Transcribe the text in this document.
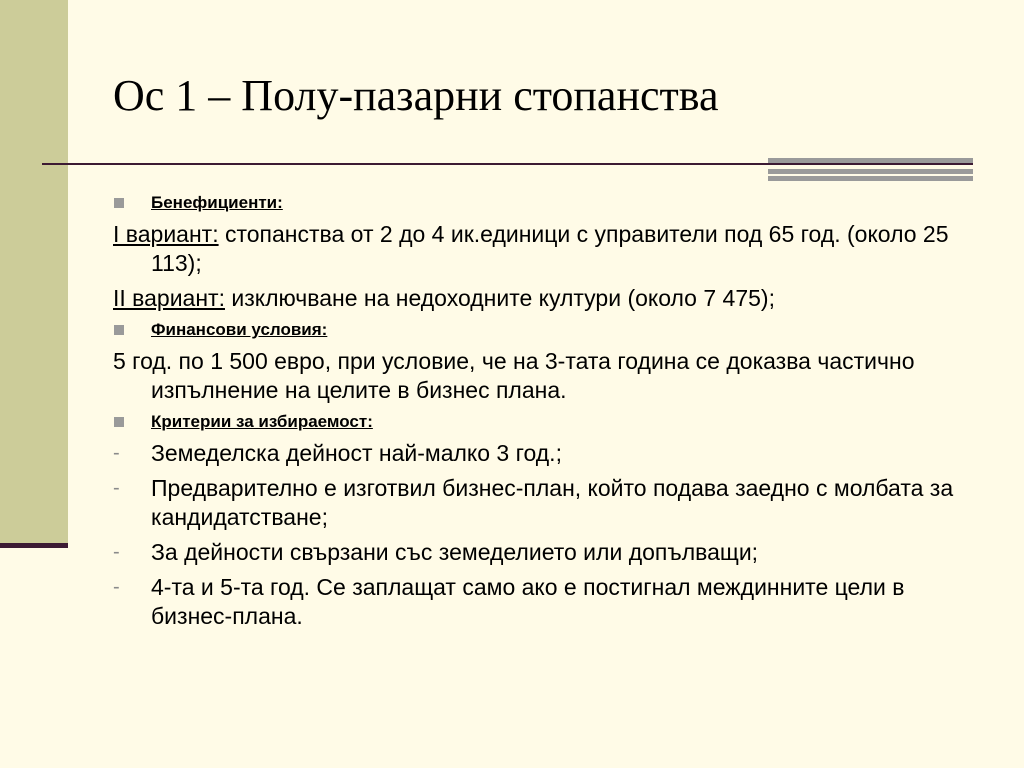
Ос 1 – Полу-пазарни стопанства
Бенефициенти:
I вариант: стопанства от 2 до 4 ик.единици с управители под 65 год. (около 25 113);
II вариант: изключване на недоходните култури (около 7 475);
Финансови условия:
5 год. по 1 500 евро, при условие, че на 3-тата година се доказва частично изпълнение на целите в бизнес плана.
Критерии за избираемост:
- Земеделска дейност най-малко 3 год.;
- Предварително е изготвил бизнес-план, който подава заедно с молбата за кандидатстване;
- За дейности свързани със земеделието или допълващи;
- 4-та и 5-та год. Се заплащат само ако е постигнал междинните цели в бизнес-плана.
